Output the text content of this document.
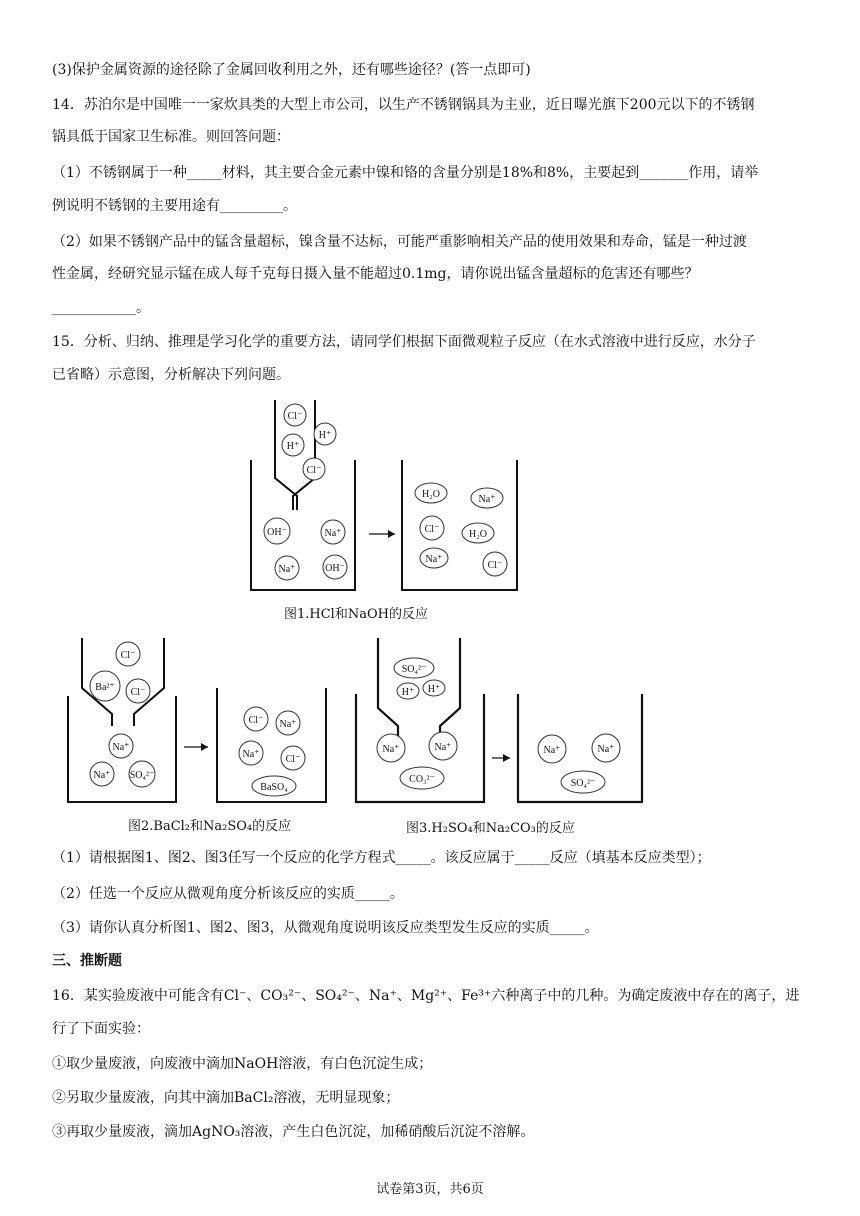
(3)保护金属资源的途径除了金属回收利用之外，还有哪些途径？(答一点即可)
14．苏泊尔是中国唯一一家炊具类的大型上市公司，以生产不锈钢锅具为主业，近日曝光旗下200元以下的不锈钢
锅具低于国家卫生标准。则回答问题：
（1）不锈钢属于一种_____材料，其主要合金元素中镍和铬的含量分别是18%和8%，主要起到_______作用，请举
例说明不锈钢的主要用途有_________。
（2）如果不锈钢产品中的锰含量超标，镍含量不达标，可能严重影响相关产品的使用效果和寿命，锰是一种过渡
性金属，经研究显示锰在成人每千克每日摄入量不能超过0.1mg，请你说出锰含量超标的危害还有哪些？
____________。
15．分析、归纳、推理是学习化学的重要方法，请同学们根据下面微观粒子反应（在水式溶液中进行反应，水分子
已省略）示意图，分析解决下列问题。
Cl⁻
H⁺
H⁺
Cl⁻
OH⁻	Na⁺
Na⁺	OH⁻
H₂O	Na⁺
Cl⁻	H₂O
Na⁺
Cl⁻
图1.HCl和NaOH的反应
Cl⁻
Ba²⁺ Cl⁻
Na⁺
Na⁺ SO₄²⁻
Cl⁻ Na⁺
Na⁺	Cl⁻
BaSO₄
图2.BaCl₂和Na₂SO₄的反应
SO₄²⁻
H⁺ H⁺
Na⁺	Na⁺
CO₃²⁻
Na⁺	Na⁺
SO₄²⁻
图3.H₂SO₄和Na₂CO₃的反应
（1）请根据图1、图2、图3任写一个反应的化学方程式_____。该反应属于_____反应（填基本反应类型）；
（2）任选一个反应从微观角度分析该反应的实质_____。
（3）请你认真分析图1、图2、图3，从微观角度说明该反应类型发生反应的实质_____。
三、推断题
16．某实验废液中可能含有Cl⁻、CO₃²⁻、SO₄²⁻、Na⁺、Mg²⁺、Fe³⁺六种离子中的几种。为确定废液中存在的离子，进
行了下面实验：
①取少量废液，向废液中滴加NaOH溶液，有白色沉淀生成；
②另取少量废液，向其中滴加BaCl₂溶液，无明显现象；
③再取少量废液，滴加AgNO₃溶液，产生白色沉淀，加稀硝酸后沉淀不溶解。
试卷第3页，共6页
